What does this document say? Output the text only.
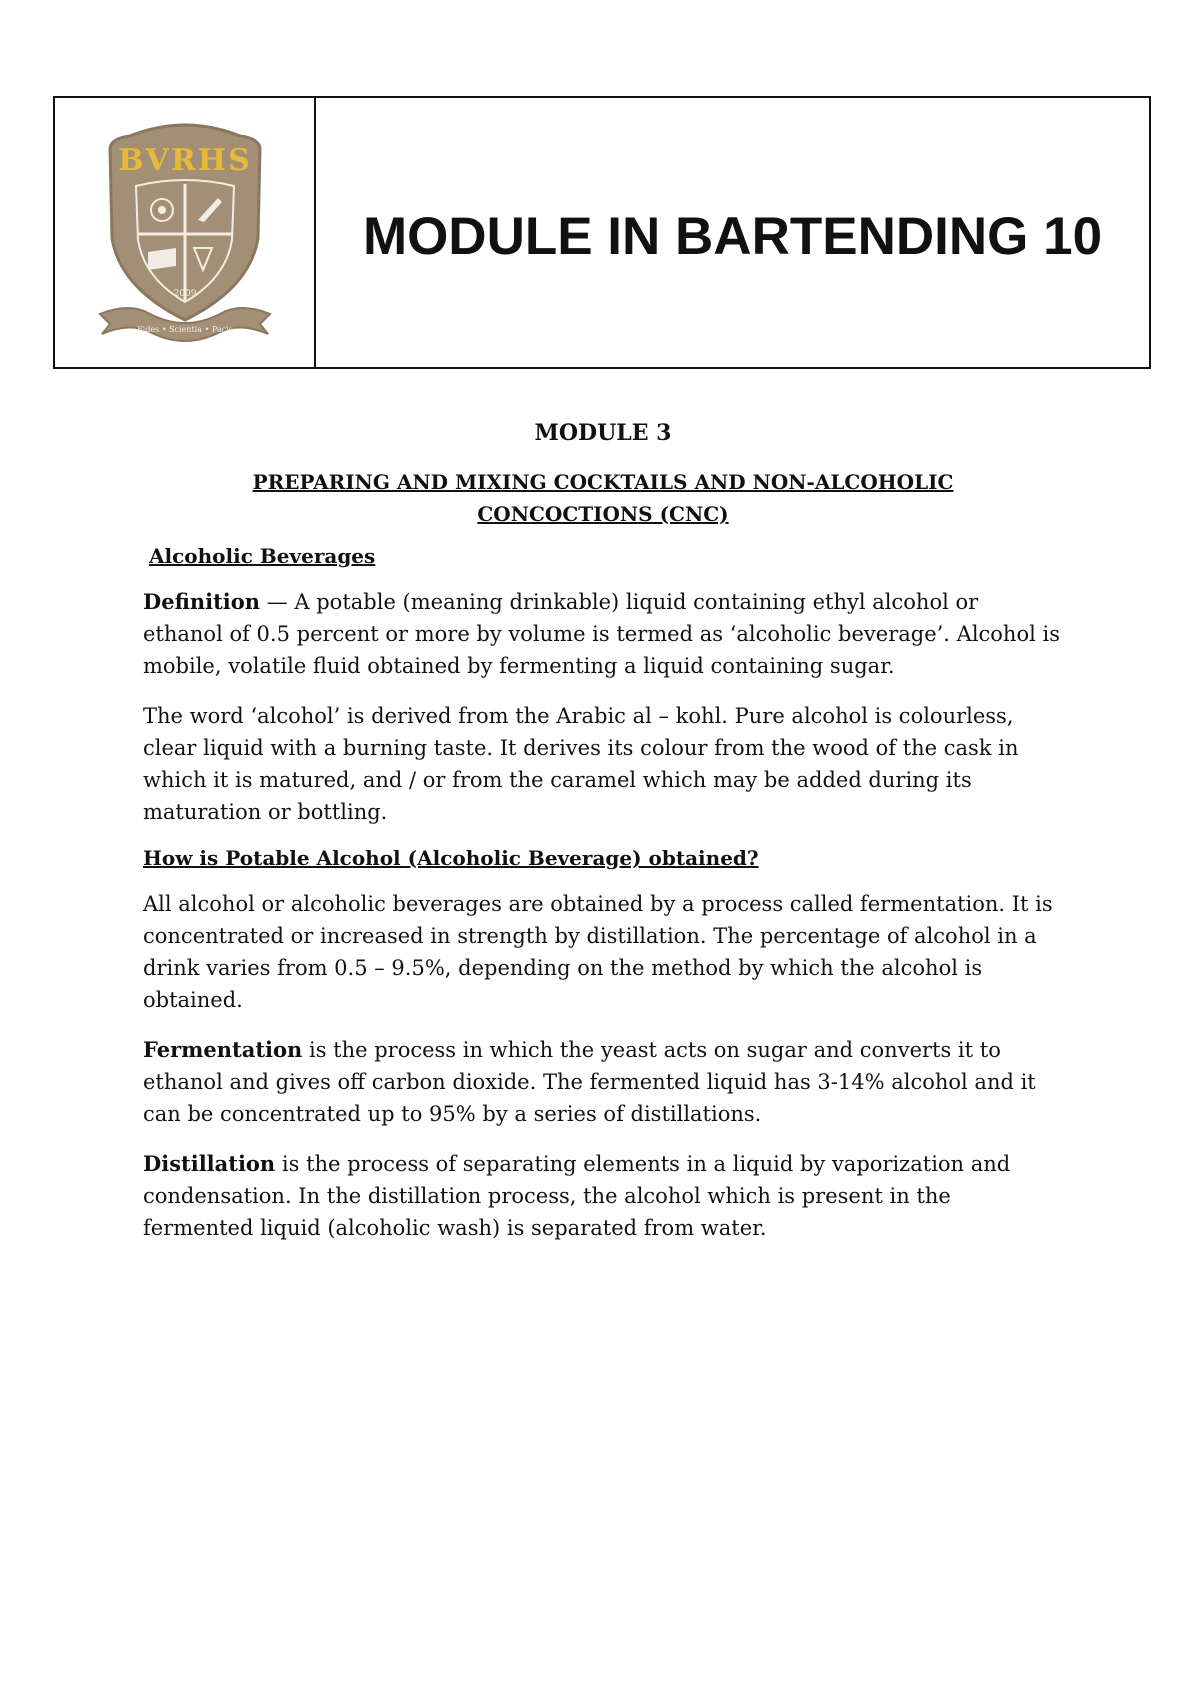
BVRHS
2009
Fides • Scientia • Pacis
MODULE IN BARTENDING 10
MODULE 3
PREPARING AND MIXING COCKTAILS AND NON-ALCOHOLIC
CONCOCTIONS (CNC)
Alcoholic Beverages

Definition — A potable (meaning drinkable) liquid containing ethyl alcohol or ethanol of 0.5 percent or more by volume is termed as ‘alcoholic beverage’. Alcohol is mobile, volatile fluid obtained by fermenting a liquid containing sugar.

The word ‘alcohol’ is derived from the Arabic al – kohl. Pure alcohol is colourless, clear liquid with a burning taste. It derives its colour from the wood of the cask in which it is matured, and / or from the caramel which may be added during its maturation or bottling.

How is Potable Alcohol (Alcoholic Beverage) obtained?

All alcohol or alcoholic beverages are obtained by a process called fermentation. It is concentrated or increased in strength by distillation. The percentage of alcohol in a drink varies from 0.5 – 9.5%, depending on the method by which the alcohol is obtained.

Fermentation is the process in which the yeast acts on sugar and converts it to ethanol and gives off carbon dioxide. The fermented liquid has 3-14% alcohol and it can be concentrated up to 95% by a series of distillations.

Distillation is the process of separating elements in a liquid by vaporization and condensation. In the distillation process, the alcohol which is present in the fermented liquid (alcoholic wash) is separated from water.
